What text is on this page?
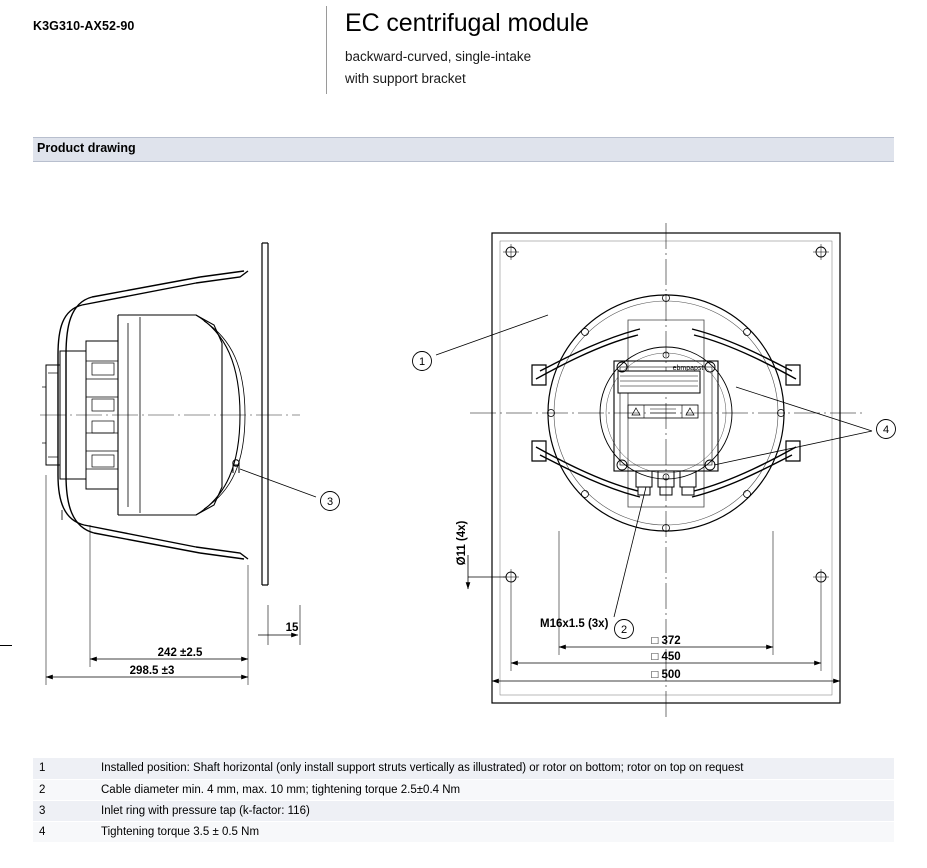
K3G310-AX52-90	EC centrifugal module
backward-curved, single-intake
with support bracket
Product drawing
3
15
242 ±2.5
298.5 ±3
ebmpapst
1
4
2
M16x1.5 (3x)
Ø11 (4x)
□ 372
□ 450
□ 500
1	Installed position: Shaft horizontal (only install support struts vertically as illustrated) or rotor on bottom; rotor on top on request
2	Cable diameter min. 4 mm, max. 10 mm; tightening torque 2.5±0.4 Nm
3	Inlet ring with pressure tap (k-factor: 116)
4	Tightening torque 3.5 ± 0.5 Nm
